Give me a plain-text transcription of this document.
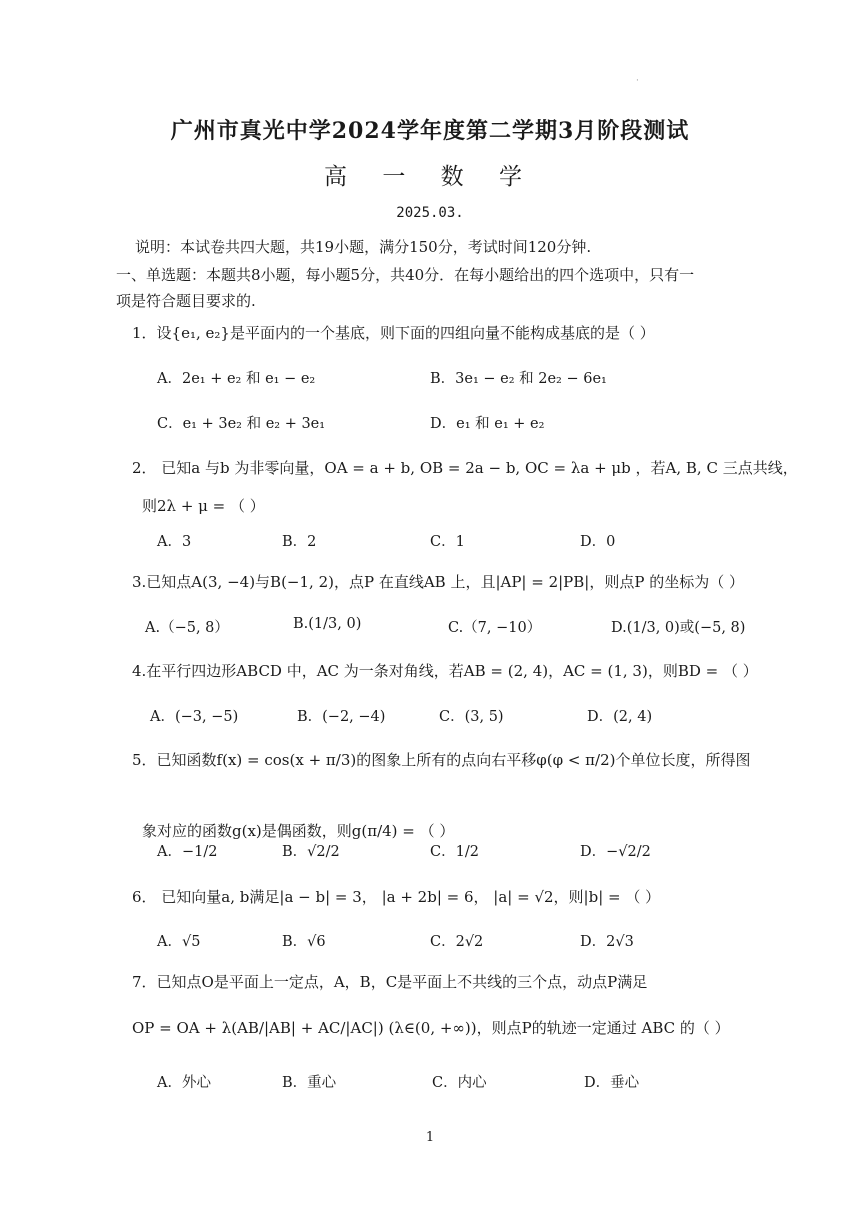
·
广州市真光中学2024学年度第二学期3月阶段测试
高 一 数 学
2025.03.
说明：本试卷共四大题，共19小题，满分150分，考试时间120分钟.
一、单选题：本题共8小题，每小题5分，共40分．在每小题给出的四个选项中，只有一
项是符合题目要求的.
1．设{e₁, e₂}是平面内的一个基底，则下面的四组向量不能构成基底的是（ ）
A．2e₁ + e₂ 和 e₁ − e₂	B．3e₁ − e₂ 和 2e₂ − 6e₁
C．e₁ + 3e₂ 和 e₂ + 3e₁	D．e₁ 和 e₁ + e₂
2． 已知a 与b 为非零向量，OA = a + b, OB = 2a − b, OC = λa + μb ，若A, B, C 三点共线，
则2λ + μ = （ ）
A．3	B．2	C．1	D．0
3.已知点A(3, −4)与B(−1, 2)，点P 在直线AB 上，且|AP| = 2|PB|，则点P 的坐标为（ ）
A.（−5, 8）	B.(1/3, 0)	C.（7, −10）	D.(1/3, 0)或(−5, 8)
4.在平行四边形ABCD 中，AC 为一条对角线，若AB = (2, 4)，AC = (1, 3)，则BD = （ ）
A．(−3, −5)	B．(−2, −4)	C．(3, 5)	D．(2, 4)
5．已知函数f(x) = cos(x + π/3)的图象上所有的点向右平移φ(φ < π/2)个单位长度，所得图
象对应的函数g(x)是偶函数，则g(π/4) = （ ）
A．−1/2	B．√2/2	C．1/2	D．−√2/2
6． 已知向量a, b满足|a − b| = 3， |a + 2b| = 6， |a| = √2，则|b| = （ ）
A．√5	B．√6	C．2√2	D．2√3
7．已知点O是平面上一定点，A，B，C是平面上不共线的三个点，动点P满足
OP = OA + λ(AB/|AB| + AC/|AC|) (λ∈(0, +∞))，则点P的轨迹一定通过 ABC 的（ ）
A．外心	B．重心	C．内心	D．垂心
1
